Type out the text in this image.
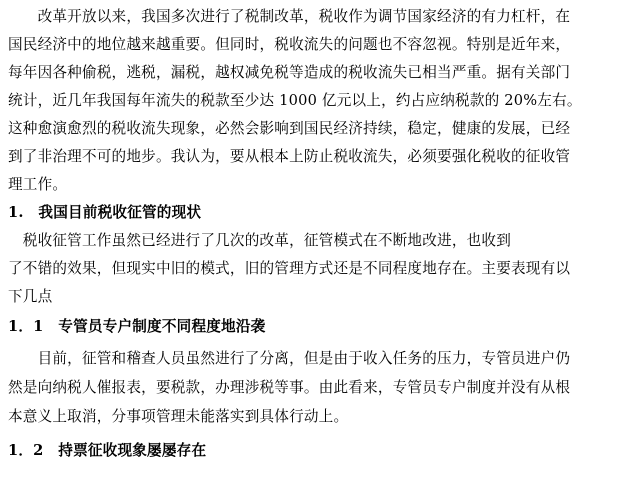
　　改革开放以来，我国多次进行了税制改革，税收作为调节国家经济的有力杠杆，在
国民经济中的地位越来越重要。但同时，税收流失的问题也不容忽视。特别是近年来，
每年因各种偷税，逃税，漏税，越权减免税等造成的税收流失已相当严重。据有关部门
统计，近几年我国每年流失的税款至少达 1000 亿元以上，约占应纳税款的 20%左右。
这种愈演愈烈的税收流失现象，必然会影响到国民经济持续，稳定，健康的发展，已经
到了非治理不可的地步。我认为，要从根本上防止税收流失，必须要强化税收的征收管
理工作。
1.　我国目前税收征管的现状
　税收征管工作虽然已经进行了几次的改革，征管模式在不断地改进，也收到
了不错的效果，但现实中旧的模式，旧的管理方式还是不同程度地存在。主要表现有以
下几点
1．1　专管员专户制度不同程度地沿袭
　　目前，征管和稽查人员虽然进行了分离，但是由于收入任务的压力，专管员进户仍
然是向纳税人催报表，要税款，办理涉税等事。由此看来，专管员专户制度并没有从根
本意义上取消，分事项管理未能落实到具体行动上。
1．2　持票征收现象屡屡存在
